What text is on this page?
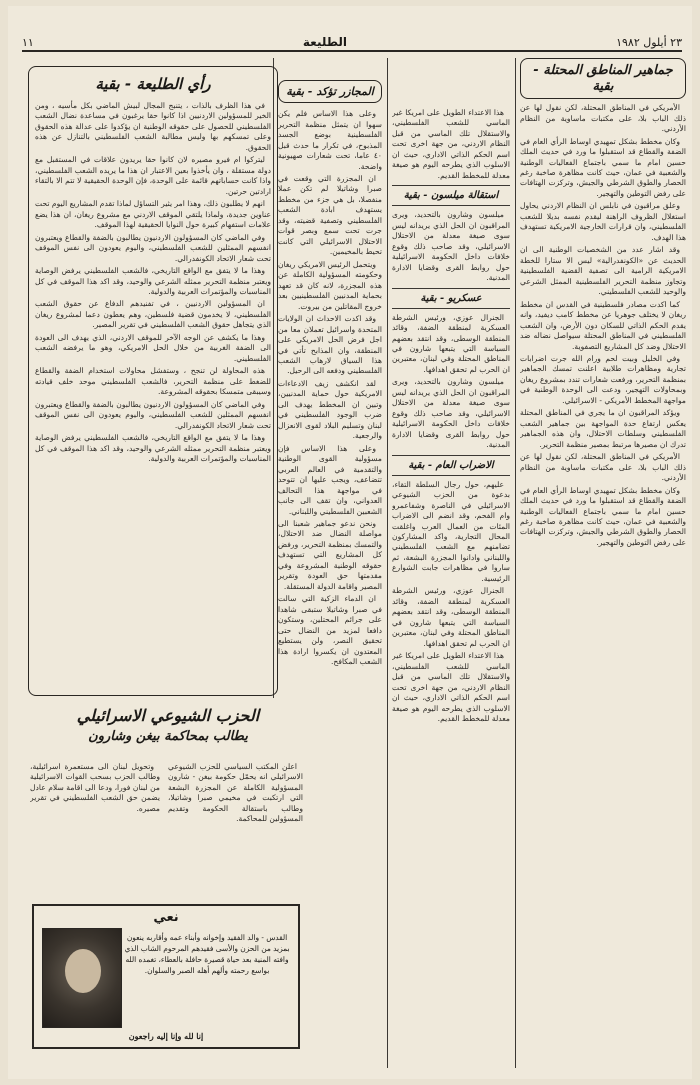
٢٣ أيلول ١٩٨٢
الطليعة
١١
جماهير المناطق المحتلة - بقية

الأمريكي في المناطق المحتلة، لكن نقول لها عن ذلك الباب بلا، على مكتبات ماساوية من النظام الأردني.

وكان مخطط بشكل تمهيدي اوساط الرأي العام في الضفة والقطاع قد استقبلوا ما ورد في حديث الملك حسين امام ما سمي باجتماع الفعاليات الوطنية والشعبية في عمان، حيث كانت مظاهرة صاخبة رغم الحصار والطوق الشرطي والجيش، وتركزت الهتافات على رفض التوطين والتهجير.

وعلق مراقبون في نابلس ان النظام الاردني يحاول استغلال الظروف الراهنة ليقدم نفسه بديلا للشعب الفلسطيني، وان قرارات الخارجية الامريكية تستهدف هذا الهدف.

وقد اشار عدد من الشخصيات الوطنية الى ان الحديث عن «الكونفدرالية» ليس الا ستارا للخطة الامريكية الرامية الى تصفية القضية الفلسطينية وتجاوز منظمة التحرير الفلسطينية الممثل الشرعي والوحيد للشعب الفلسطيني.

كما اكدت مصادر فلسطينية في القدس ان مخطط ريغان لا يختلف جوهريا عن مخطط كامب ديفيد، وانه يقدم الحكم الذاتي للسكان دون الأرض، وان الشعب الفلسطيني في المناطق المحتلة سيواصل نضاله ضد الاحتلال وضد كل المشاريع التصفوية.

وفي الخليل وبيت لحم ورام الله جرت اضرابات تجارية ومظاهرات طلابية اعلنت تمسك الجماهير بمنظمة التحرير، ورفعت شعارات تندد بمشروع ريغان وبمحاولات التهجير، ودعت الى الوحدة الوطنية في مواجهة المخطط الأمريكي - الاسرائيلي.

ويؤكد المراقبون ان ما يجري في المناطق المحتلة يعكس ارتفاع حدة المواجهة بين جماهير الشعب الفلسطيني وسلطات الاحتلال، وان هذه الجماهير تدرك ان مصيرها مرتبط بمصير منظمة التحرير.

الأمريكي في المناطق المحتلة، لكن نقول لها عن ذلك الباب بلا، على مكتبات ماساوية من النظام الأردني.

وكان مخطط بشكل تمهيدي اوساط الرأي العام في الضفة والقطاع قد استقبلوا ما ورد في حديث الملك حسين امام ما سمي باجتماع الفعاليات الوطنية والشعبية في عمان، حيث كانت مظاهرة صاخبة رغم الحصار والطوق الشرطي والجيش، وتركزت الهتافات على رفض التوطين والتهجير.

هذا الاعتداء الطويل على امريكا غير الماسي للشعب الفلسطيني، والاستقلال تلك الماسي من قبل النظام الاردني، من جهة اخرى تحت اسم الحكم الذاتي الاداري، حيث ان الاسلوب الذي يطرحه اليوم هو صيغة معدلة للمخطط القديم.

استقالة ميلسون - بقية

ميلسون وشارون بالتحديد، ويرى المراقبون ان الحل الذي يريدانه ليس سوى صيغة معدلة من الاحتلال الاسرائيلي، وقد صاحب ذلك وقوع خلافات داخل الحكومة الاسرائيلية حول روابط القرى وقضايا الادارة المدنية.

عسكريو - بقية

الجنرال عوزي، ورئيس الشرطة العسكرية لمنطقة الضفة، وقائد المنطقة الوسطى، وقد انتقد بعضهم السياسة التي يتبعها شارون في المناطق المحتلة وفي لبنان، معتبرين ان الحرب لم تحقق اهدافها.

ميلسون وشارون بالتحديد، ويرى المراقبون ان الحل الذي يريدانه ليس سوى صيغة معدلة من الاحتلال الاسرائيلي، وقد صاحب ذلك وقوع خلافات داخل الحكومة الاسرائيلية حول روابط القرى وقضايا الادارة المدنية.

الاضراب العام - بقية

عليهم، حول رجال السلطة التقاء، بدعوة من الحزب الشيوعي الاسرائيلي في الناصرة وشفاعمرو وام الفحم، وقد انضم الى الاضراب المئات من العمال العرب واغلقت المحال التجارية، واكد المشاركون تضامنهم مع الشعب الفلسطيني واللبناني وادانوا المجزرة البشعة، ثم ساروا في مظاهرات جابت الشوارع الرئيسية.

الجنرال عوزي، ورئيس الشرطة العسكرية لمنطقة الضفة، وقائد المنطقة الوسطى، وقد انتقد بعضهم السياسة التي يتبعها شارون في المناطق المحتلة وفي لبنان، معتبرين ان الحرب لم تحقق اهدافها.

هذا الاعتداء الطويل على امريكا غير الماسي للشعب الفلسطيني، والاستقلال تلك الماسي من قبل النظام الاردني، من جهة اخرى تحت اسم الحكم الذاتي الاداري، حيث ان الاسلوب الذي يطرحه اليوم هو صيغة معدلة للمخطط القديم.

المجازر تؤكد - بقية

وعلى هذا الاساس فلم يكن سهوا ان يتمثل منظمة التحرير الفلسطينية بوضع الجسد المذبوح، في تكرار ما حدث قبل ٤٠ عاما، تحت شعارات صهيونية واضحة.

ان المجزرة التي وقعت في صبرا وشاتيلا لم تكن عملا منفصلا، بل هي جزء من مخطط يستهدف ابادة الشعب الفلسطيني وتصفية قضيته، وقد جرت تحت سمع وبصر قوات الاحتلال الاسرائيلي التي كانت تحيط بالمخيمين.

ويتحمل الرئيس الامريكي ريغان وحكومته المسؤولية الكاملة عن هذه المجزرة، لانه كان قد تعهد بحماية المدنيين الفلسطينيين بعد خروج المقاتلين من بيروت.

وقد اكدت الاحداث ان الولايات المتحدة واسرائيل تعملان معا من اجل فرض الحل الامريكي على المنطقة، وان المذابح تأتي في هذا السياق لارهاب الشعب الفلسطيني ودفعه الى الرحيل.

لقد انكشف زيف الادعاءات الامريكية حول حماية المدنيين، وتبين ان المخطط يهدف الى ضرب الوجود الفلسطيني في لبنان وتسليم البلاد لقوى الانعزال والرجعية.

وعلى هذا الاساس فإن مسؤولية القوى الوطنية والتقدمية في العالم العربي تتضاعف، ويجب عليها ان تتوحد في مواجهة هذا التحالف العدواني، وان تقف الى جانب الشعبين الفلسطيني واللبناني.

ونحن ندعو جماهير شعبنا الى مواصلة النضال ضد الاحتلال، والتمسك بمنظمة التحرير، ورفض كل المشاريع التي تستهدف حقوقه الوطنية المشروعة وفي مقدمتها حق العودة وتقرير المصير واقامة الدولة المستقلة.

ان الدماء الزكية التي سالت في صبرا وشاتيلا ستبقى شاهدا على جرائم المحتلين، وستكون دافعا لمزيد من النضال حتى تحقيق النصر، ولن يستطيع المعتدون ان يكسروا ارادة هذا الشعب المكافح.

رأي الطليعة - بقية

في هذا الظرف بالذات ، يتنبج المجال لبيش الماضي بكل مأسيه ، ومن الخير للمسؤولين الاردنيين اذا كانوا حقا يرغبون في مساعدة نضال الشعب الفلسطيني للحصول على حقوقه الوطنية ان يؤكدوا على عدالة هذه الحقوق وعلى تمسكهم بها وليس مطالبة الشعب الفلسطيني بالتنازل عن هذه الحقوق.

ليتركوا ام فيرو مصيره لان كانوا حقا يريدون علاقات في المستقبل مع دولة مستقلة ، وان يأخذوا بعين الاعتبار ان هذا ما يريده الشعب الفلسطيني، واذا كانت حساباتهم قائمة على الوحدة، فإن الوحدة الحقيقية لا تتم الا بالتقاء ارادتين حرتين.

انهم لا يطلبون ذلك، وهذا امر يثير التساؤل لماذا تقدم المشاريع اليوم تحت عناوين جديدة، ولماذا يلتقي الموقف الاردني مع مشروع ريغان، ان هذا يضع علامات استفهام كبيرة حول النوايا الحقيقية لهذا الموقف.

وفي الماضي كان المسؤولون الاردنيون يطالبون بالضفة والقطاع ويعتبرون انفسهم الممثلين للشعب الفلسطيني، واليوم يعودون الى نفس الموقف تحت شعار الاتحاد الكونفدرالي.

وهذا ما لا يتفق مع الواقع التاريخي، فالشعب الفلسطيني يرفض الوصاية ويعتبر منظمة التحرير ممثله الشرعي والوحيد، وقد اكد هذا الموقف في كل المناسبات والمؤتمرات العربية والدولية.

ان المسؤولين الاردنيين ، في تفنيدهم الدفاع عن حقوق الشعب الفلسطيني، لا يخدمون قضية فلسطين، وهم يعطون دعما لمشروع ريغان الذي يتجاهل حقوق الشعب الفلسطيني في تقرير المصير.

وهذا ما يكشف عن الوجه الآخر للموقف الاردني، الذي يهدف الى العودة الى الضفة الغربية من خلال الحل الامريكي، وهو ما يرفضه الشعب الفلسطيني.

هذه المحاولة لن تنجح ، وستفشل محاولات استخدام الضفة والقطاع للضغط على منظمة التحرير، فالشعب الفلسطيني موحد خلف قيادته وسيبقى متمسكا بحقوقه المشروعة.

وفي الماضي كان المسؤولون الاردنيون يطالبون بالضفة والقطاع ويعتبرون انفسهم الممثلين للشعب الفلسطيني، واليوم يعودون الى نفس الموقف تحت شعار الاتحاد الكونفدرالي.

وهذا ما لا يتفق مع الواقع التاريخي، فالشعب الفلسطيني يرفض الوصاية ويعتبر منظمة التحرير ممثله الشرعي والوحيد، وقد اكد هذا الموقف في كل المناسبات والمؤتمرات العربية والدولية.

الحزب الشيوعي الاسرائيلي
يطالب بمحاكمة بيغن وشارون

اعلن المكتب السياسي للحزب الشيوعي الاسرائيلي انه يحمّل حكومة بيغن - شارون المسؤولية الكاملة عن المجزرة البشعة التي ارتكبت في مخيمي صبرا وشاتيلا، وطالب باستقالة الحكومة وتقديم المسؤولين للمحاكمة.

وتحويل لبنان الى مستعمرة اسرائيلية، وطالب الحزب بسحب القوات الاسرائيلية من لبنان فورا، ودعا الى اقامة سلام عادل يضمن حق الشعب الفلسطيني في تقرير مصيره.

نعي
القدس - والد الفقيد وإخوانه وأبناء عمه وأقاربه ينعون بمزيد من الحزن والأسى فقيدهم المرحوم الشاب الذي وافته المنية بعد حياة قصيرة حافلة بالعطاء، تغمده الله بواسع رحمته وألهم أهله الصبر والسلوان.
إنا لله وإنا إليه راجعون
